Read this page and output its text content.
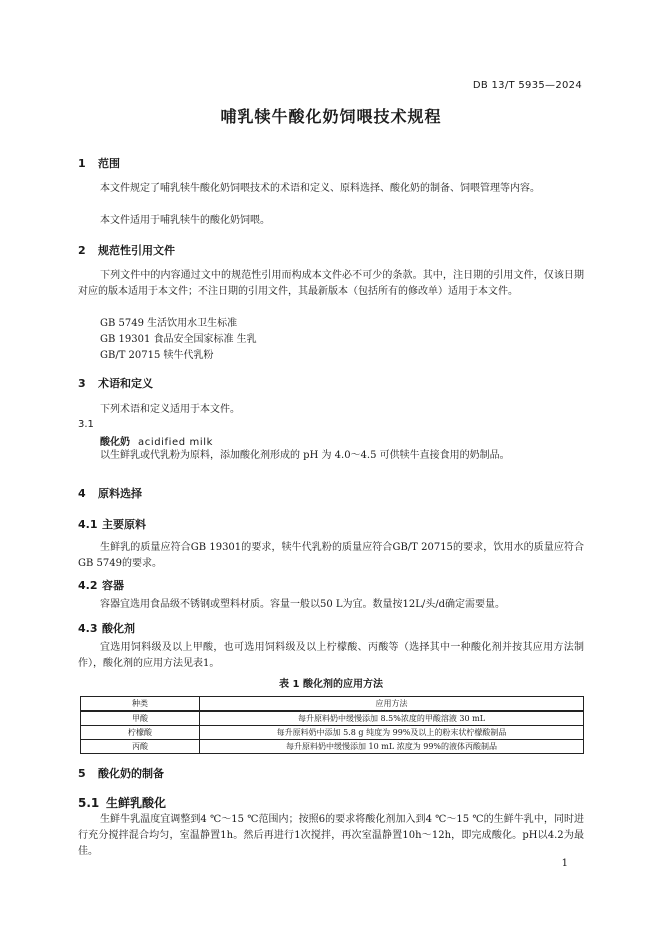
DB 13/T 5935—2024
哺乳犊牛酸化奶饲喂技术规程
1 范围
本文件规定了哺乳犊牛酸化奶饲喂技术的术语和定义、原料选择、酸化奶的制备、饲喂管理等内容。
本文件适用于哺乳犊牛的酸化奶饲喂。
2 规范性引用文件
下列文件中的内容通过文中的规范性引用而构成本文件必不可少的条款。其中，注日期的引用文件，仅该日期对应的版本适用于本文件；不注日期的引用文件，其最新版本（包括所有的修改单）适用于本文件。
GB 5749 生活饮用水卫生标准
GB 19301 食品安全国家标准 生乳
GB/T 20715 犊牛代乳粉
3 术语和定义
下列术语和定义适用于本文件。
3.1
酸化奶 acidified milk
以生鲜乳或代乳粉为原料，添加酸化剂形成的 pH 为 4.0～4.5 可供犊牛直接食用的奶制品。
4 原料选择
4.1 主要原料
生鲜乳的质量应符合GB 19301的要求，犊牛代乳粉的质量应符合GB/T 20715的要求，饮用水的质量应符合GB 5749的要求。
4.2 容器
容器宜选用食品级不锈钢或塑料材质。容量一般以50 L为宜。数量按12L/头/d确定需要量。
4.3 酸化剂
宜选用饲料级及以上甲酸，也可选用饲料级及以上柠檬酸、丙酸等（选择其中一种酸化剂并按其应用方法制作），酸化剂的应用方法见表1。
表 1 酸化剂的应用方法
种类	应用方法
甲酸	每升原料奶中缓慢添加 8.5%浓度的甲酸溶液 30 mL
柠檬酸	每升原料奶中添加 5.8 g 纯度为 99%及以上的粉末状柠檬酸制品
丙酸	每升原料奶中缓慢添加 10 mL 浓度为 99%的液体丙酸制品
5 酸化奶的制备
5.1 生鲜乳酸化
生鲜牛乳温度宜调整到4 ℃～15 ℃范围内；按照6的要求将酸化剂加入到4 ℃～15 ℃的生鲜牛乳中，同时进行充分搅拌混合均匀，室温静置1h。然后再进行1次搅拌，再次室温静置10h～12h，即完成酸化。pH以4.2为最佳。
1
